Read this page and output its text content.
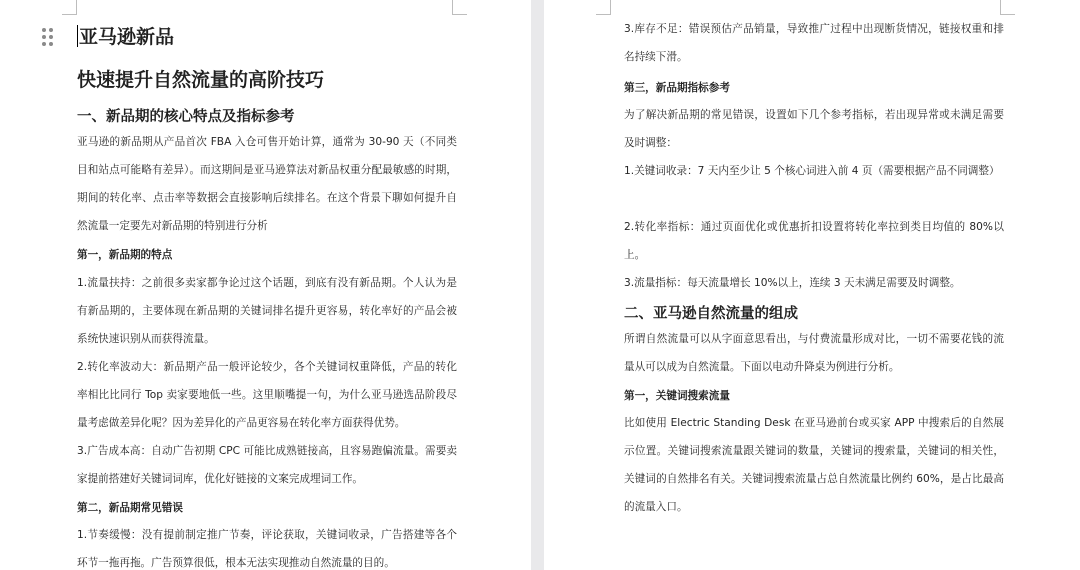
亚马逊新品
快速提升自然流量的高阶技巧
一、新品期的核心特点及指标参考
亚马逊的新品期从产品首次 FBA 入仓可售开始计算，通常为 30-90 天（不同类目和站点可能略有差异）。而这期间是亚马逊算法对新品权重分配最敏感的时期，期间的转化率、点击率等数据会直接影响后续排名。在这个背景下聊如何提升自然流量一定要先对新品期的特别进行分析
第一，新品期的特点
1.流量扶持：之前很多卖家都争论过这个话题，到底有没有新品期。个人认为是有新品期的，主要体现在新品期的关键词排名提升更容易，转化率好的产品会被系统快速识别从而获得流量。
2.转化率波动大：新品期产品一般评论较少，各个关键词权重降低，产品的转化率相比比同行 Top 卖家要地低一些。这里顺嘴提一句，为什么亚马逊选品阶段尽量考虑做差异化呢？因为差异化的产品更容易在转化率方面获得优势。
3.广告成本高：自动广告初期 CPC 可能比成熟链接高，且容易跑偏流量。需要卖家提前搭建好关键词词库，优化好链接的文案完成埋词工作。
第二，新品期常见错误
1.节奏缓慢：没有提前制定推广节奏，评论获取，关键词收录，广告搭建等各个环节一拖再拖。广告预算很低，根本无法实现推动自然流量的目的。
3.库存不足：错误预估产品销量，导致推广过程中出现断货情况，链接权重和排名持续下滑。
第三，新品期指标参考
为了解决新品期的常见错误，设置如下几个参考指标，若出现异常或未满足需要及时调整：
1.关键词收录：7 天内至少让 5 个核心词进入前 4 页（需要根据产品不同调整）
2.转化率指标：通过页面优化或优惠折扣设置将转化率拉到类目均值的 80%以上。
3.流量指标：每天流量增长 10%以上，连续 3 天未满足需要及时调整。
二、亚马逊自然流量的组成
所谓自然流量可以从字面意思看出，与付费流量形成对比，一切不需要花钱的流量从可以成为自然流量。下面以电动升降桌为例进行分析。
第一，关键词搜索流量
比如使用 Electric Standing Desk 在亚马逊前台或买家 APP 中搜索后的自然展示位置。关键词搜索流量跟关键词的数量，关键词的搜索量，关键词的相关性，关键词的自然排名有关。关键词搜索流量占总自然流量比例约 60%，是占比最高的流量入口。
